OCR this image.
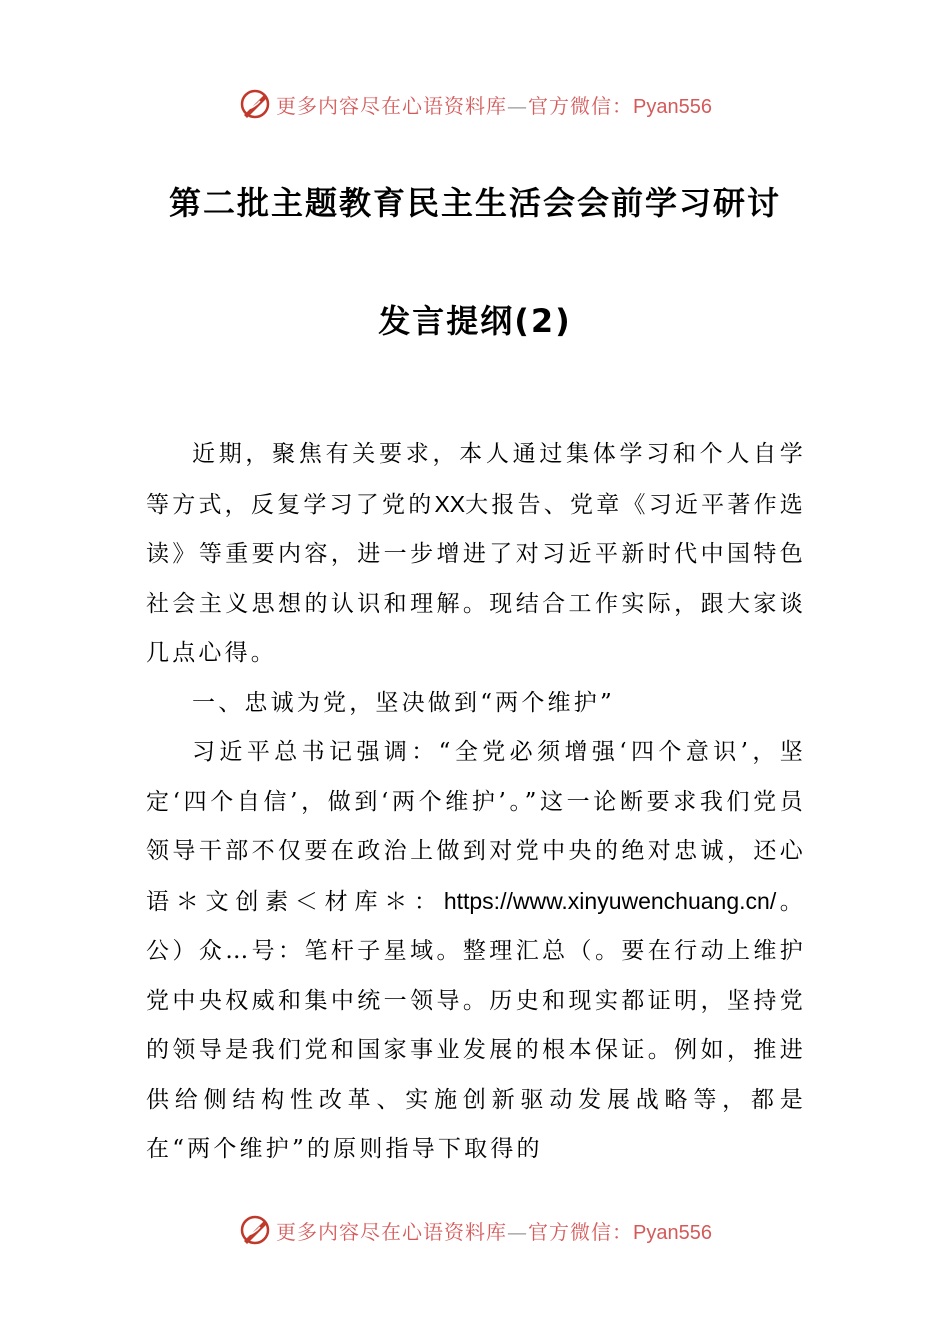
更多内容尽在心语资料库—官方微信：Pyan556
第二批主题教育民主生活会会前学习研讨
发言提纲(2)

近期，聚焦有关要求，本人通过集体学习和个人自学等方式，反复学习了党的XX大报告、党章《习近平著作选读》等重要内容，进一步增进了对习近平新时代中国特色社会主义思想的认识和理解。现结合工作实际，跟大家谈几点心得。

一、忠诚为党，坚决做到“两个维护”

习近平总书记强调：“全党必须增强‘四个意识’，坚定‘四个自信’，做到‘两个维护’。”这一论断要求我们党员领导干部不仅要在政治上做到对党中央的绝对忠诚，还心语＊文创素＜材库＊：https://www.xinyuwenchuang.cn/。公）众…号：笔杆子星域。整理汇总（。要在行动上维护党中央权威和集中统一领导。历史和现实都证明，坚持党的领导是我们党和国家事业发展的根本保证。例如，推进供给侧结构性改革、实施创新驱动发展战略等，都是在“两个维护”的原则指导下取得的

更多内容尽在心语资料库—官方微信：Pyan556
